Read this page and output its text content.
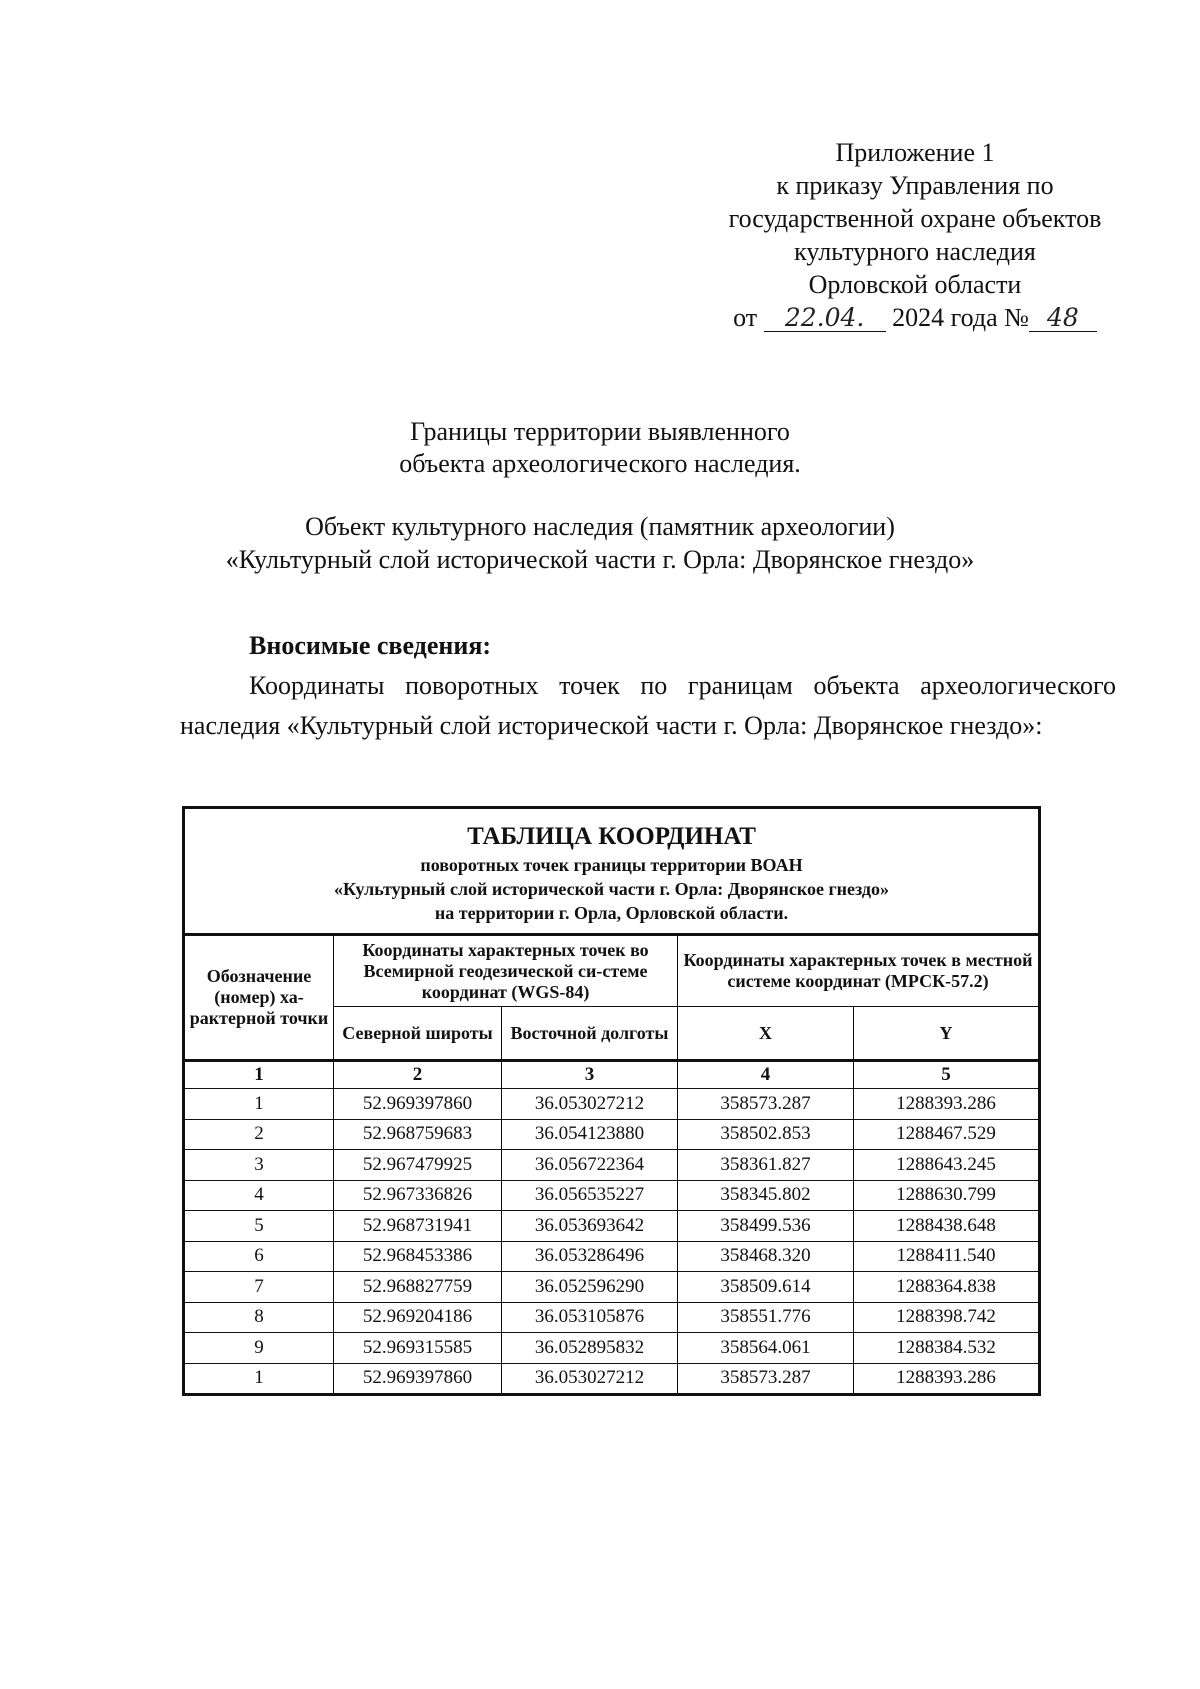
Приложение 1
к приказу Управления по
государственной охране объектов
культурного наследия
Орловской области
от 22.04. 2024 года № 48
Границы территории выявленного
объекта археологического наследия.
Объект культурного наследия (памятник археологии)
«Культурный слой исторической части г. Орла: Дворянское гнездо»
Вносимые сведения:
Координаты поворотных точек по границам объекта археологического наследия «Культурный слой исторической части г. Орла: Дворянское гнездо»:
ТАБЛИЦА КООРДИНАТ
поворотных точек границы территории ВОАН
«Культурный слой исторической части г. Орла: Дворянское гнездо»
на территории г. Орла, Орловской области.				

Обозначение (номер) ха-рактерной точки	Координаты характерных точек во Всемирной геодезической си-стеме координат (WGS-84)		Координаты характерных точек в местной системе координат (МРСК-57.2)	
	Северной широты	Восточной долготы	X	Y
1	2	3	4	5
1	52.969397860	36.053027212	358573.287	1288393.286
2	52.968759683	36.054123880	358502.853	1288467.529
3	52.967479925	36.056722364	358361.827	1288643.245
4	52.967336826	36.056535227	358345.802	1288630.799
5	52.968731941	36.053693642	358499.536	1288438.648
6	52.968453386	36.053286496	358468.320	1288411.540
7	52.968827759	36.052596290	358509.614	1288364.838
8	52.969204186	36.053105876	358551.776	1288398.742
9	52.969315585	36.052895832	358564.061	1288384.532
1	52.969397860	36.053027212	358573.287	1288393.286
